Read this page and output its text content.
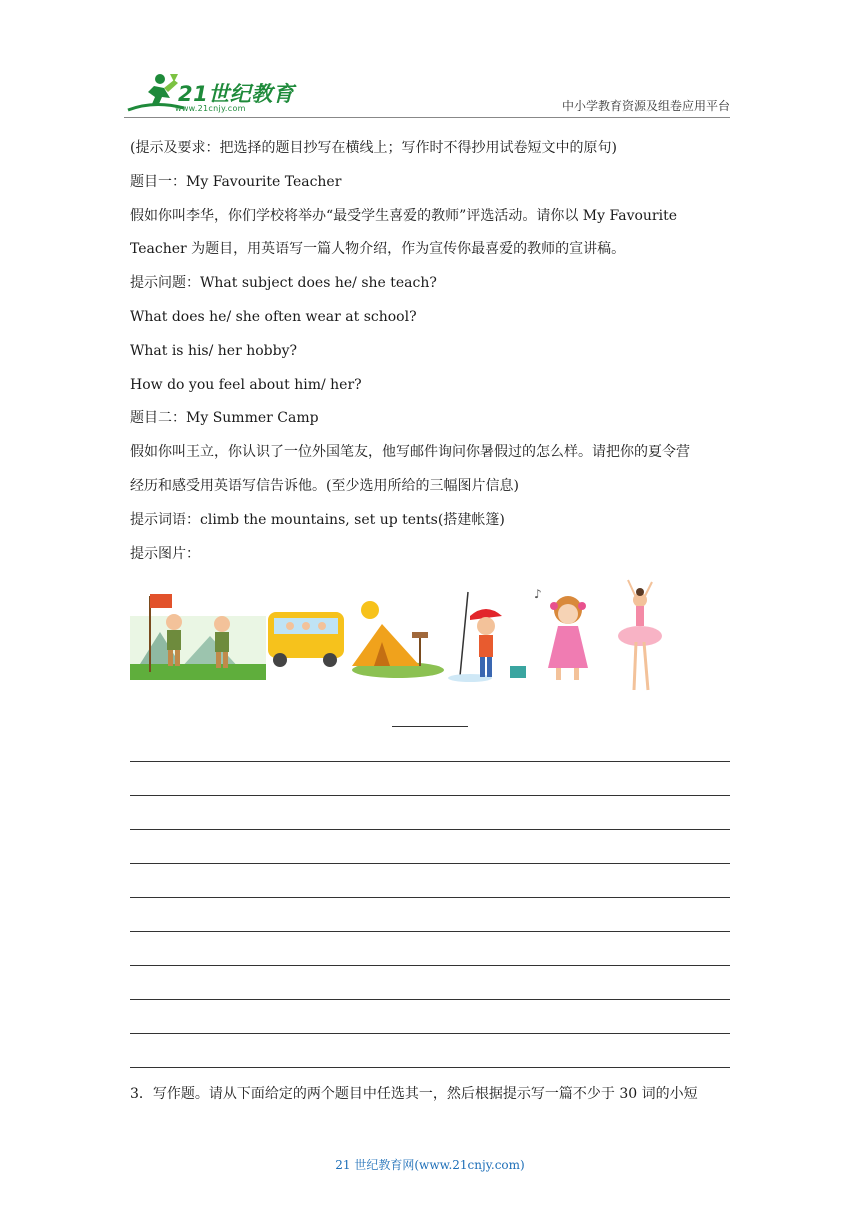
21世纪教育
www.21cnjy.com	中小学教育资源及组卷应用平台
(提示及要求：把选择的题目抄写在横线上；写作时不得抄用试卷短文中的原句)
题目一：My Favourite Teacher
假如你叫李华，你们学校将举办“最受学生喜爱的教师”评选活动。请你以 My Favourite
Teacher 为题目，用英语写一篇人物介绍，作为宣传你最喜爱的教师的宣讲稿。
提示问题：What subject does he/ she teach?
What does he/ she often wear at school?
What is his/ her hobby?
How do you feel about him/ her?
题目二：My Summer Camp
假如你叫王立，你认识了一位外国笔友，他写邮件询问你暑假过的怎么样。请把你的夏令营
经历和感受用英语写信告诉他。(至少选用所给的三幅图片信息)
提示词语：climb the mountains, set up tents(搭建帐篷)
提示图片：
♪
3．写作题。请从下面给定的两个题目中任选其一，然后根据提示写一篇不少于 30 词的小短
21 世纪教育网(www.21cnjy.com)
